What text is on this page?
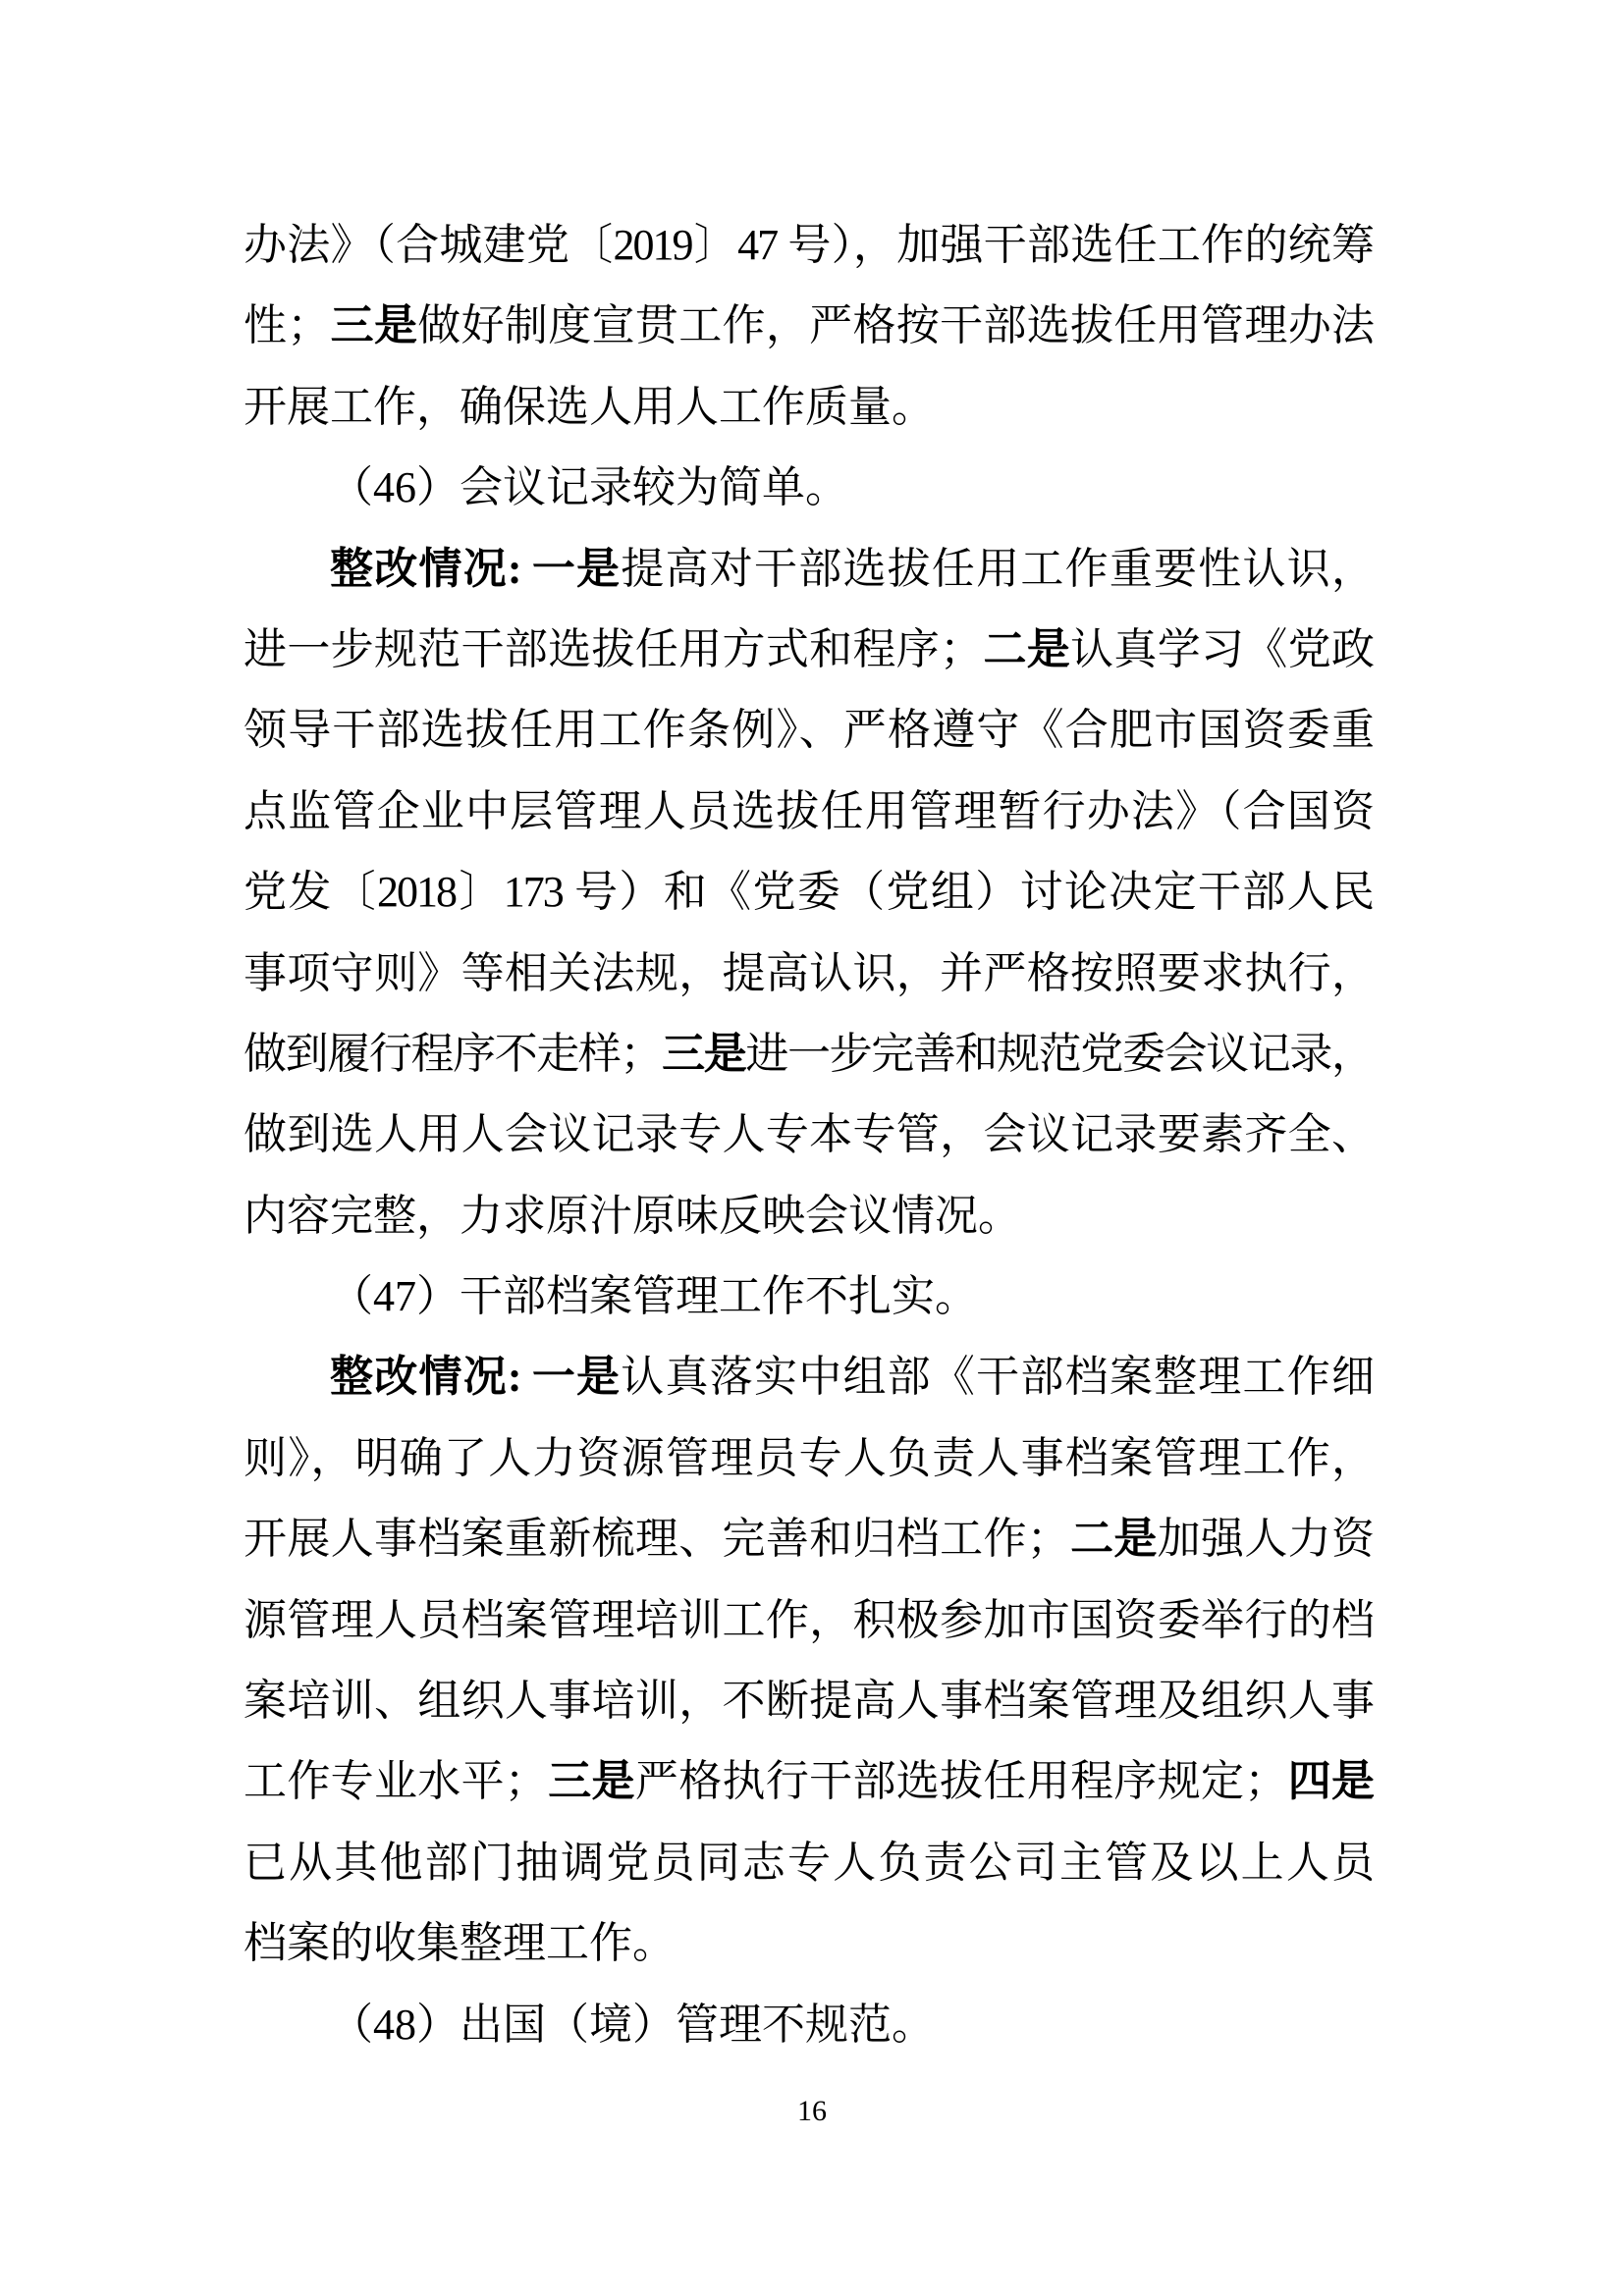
办法》（合城建党〔2019〕47 号），加强干部选任工作的统筹

性；三是做好制度宣贯工作，严格按干部选拔任用管理办法

开展工作，确保选人用人工作质量。

（46）会议记录较为简单。

整改情况: 一是提高对干部选拔任用工作重要性认识，

进一步规范干部选拔任用方式和程序；二是认真学习《党政

领导干部选拔任用工作条例》、严格遵守《合肥市国资委重

点监管企业中层管理人员选拔任用管理暂行办法》（合国资

党发〔2018〕173 号）和《党委（党组）讨论决定干部人民

事项守则》等相关法规，提高认识，并严格按照要求执行，

做到履行程序不走样；三是进一步完善和规范党委会议记录，

做到选人用人会议记录专人专本专管，会议记录要素齐全、

内容完整，力求原汁原味反映会议情况。

（47）干部档案管理工作不扎实。

整改情况: 一是认真落实中组部《干部档案整理工作细

则》，明确了人力资源管理员专人负责人事档案管理工作，

开展人事档案重新梳理、完善和归档工作；二是加强人力资

源管理人员档案管理培训工作，积极参加市国资委举行的档

案培训、组织人事培训，不断提高人事档案管理及组织人事

工作专业水平；三是严格执行干部选拔任用程序规定；四是

已从其他部门抽调党员同志专人负责公司主管及以上人员

档案的收集整理工作。

（48）出国（境）管理不规范。

16
